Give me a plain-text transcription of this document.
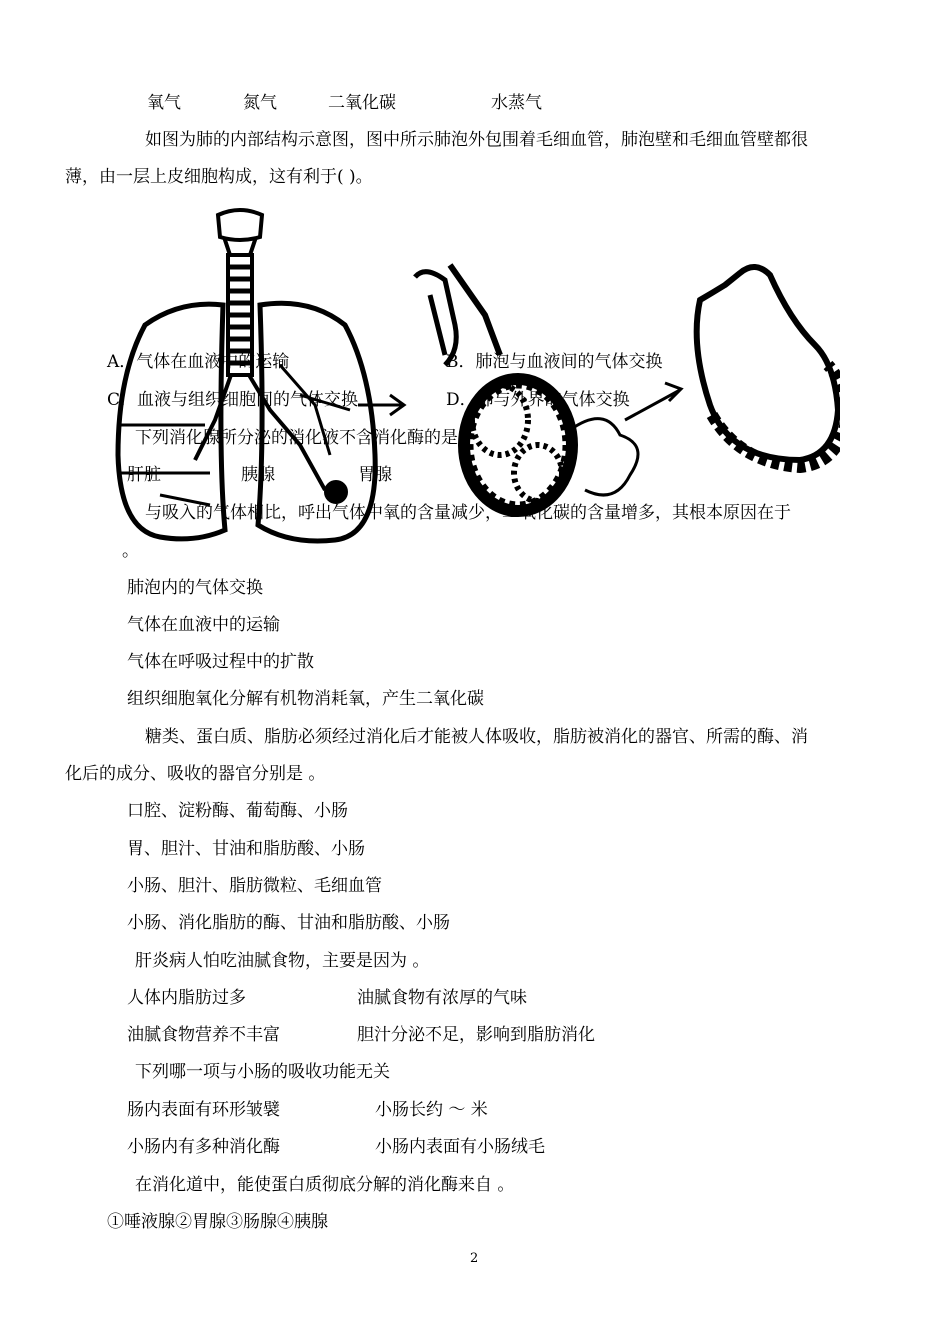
氧气	氮气	二氧化碳	水蒸气
如图为肺的内部结构示意图，图中所示肺泡外包围着毛细血管，肺泡壁和毛细血管壁都很
薄，由一层上皮细胞构成，这有利于( )。
A．气体在血液中的运输	B．肺泡与血液间的气体交换
C．血液与组织细胞间的气体交换	D．肺与外界的气体交换
下列消化腺所分泌的消化液不含消化酶的是
肝脏	胰腺	胃腺
与吸入的气体相比，呼出气体中氧的含量减少，二氧化碳的含量增多，其根本原因在于
。
肺泡内的气体交换
气体在血液中的运输
气体在呼吸过程中的扩散
组织细胞氧化分解有机物消耗氧，产生二氧化碳
糖类、蛋白质、脂肪必须经过消化后才能被人体吸收，脂肪被消化的器官、所需的酶、消
化后的成分、吸收的器官分别是 。
口腔、淀粉酶、葡萄酶、小肠
胃、胆汁、甘油和脂肪酸、小肠
小肠、胆汁、脂肪微粒、毛细血管
小肠、消化脂肪的酶、甘油和脂肪酸、小肠
肝炎病人怕吃油腻食物，主要是因为 。
人体内脂肪过多	油腻食物有浓厚的气味
油腻食物营养不丰富	胆汁分泌不足，影响到脂肪消化
下列哪一项与小肠的吸收功能无关
肠内表面有环形皱襞	小肠长约 ～ 米
小肠内有多种消化酶	小肠内表面有小肠绒毛
在消化道中，能使蛋白质彻底分解的消化酶来自 。
①唾液腺②胃腺③肠腺④胰腺
2
